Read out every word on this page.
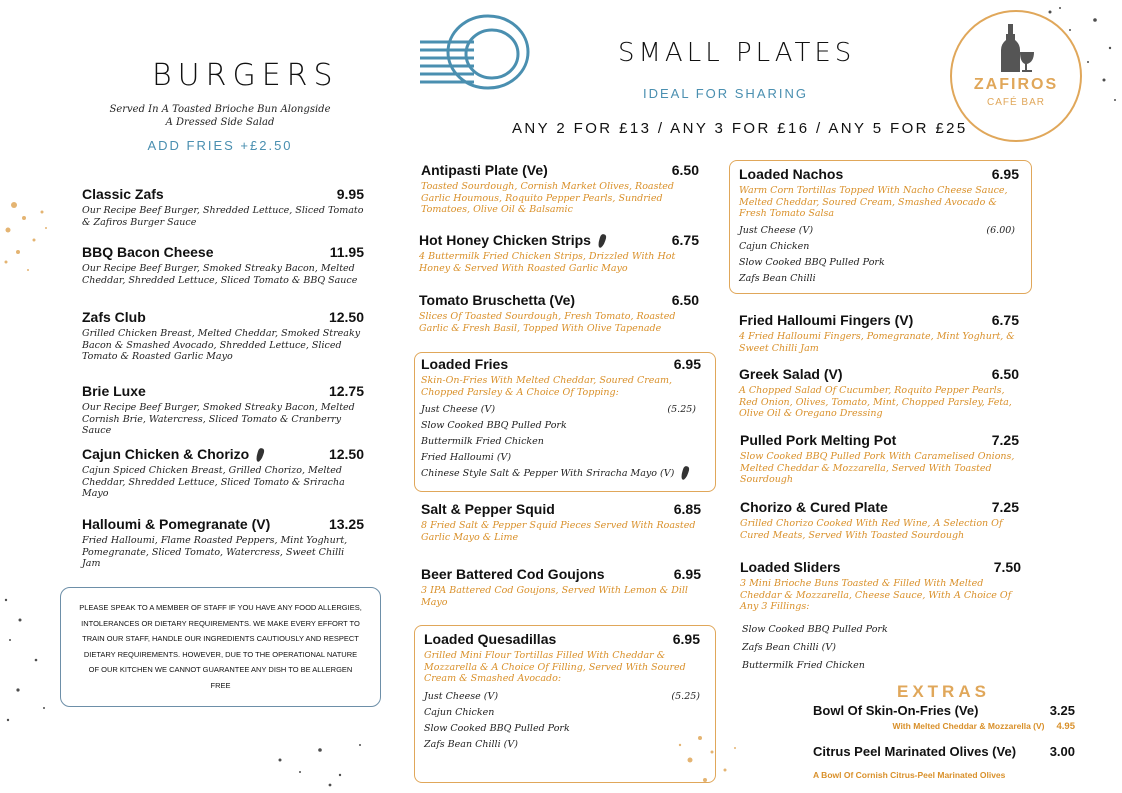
BURGERS
Served In A Toasted Brioche Bun Alongside
A Dressed Side Salad
ADD FRIES +£2.50
Classic Zafs	9.95
Our Recipe Beef Burger, Shredded Lettuce, Sliced Tomato & Zafiros Burger Sauce
BBQ Bacon Cheese	11.95
Our Recipe Beef Burger, Smoked Streaky Bacon, Melted Cheddar, Shredded Lettuce, Sliced Tomato & BBQ Sauce
Zafs Club	12.50
Grilled Chicken Breast, Melted Cheddar, Smoked Streaky Bacon & Smashed Avocado, Shredded Lettuce, Sliced Tomato & Roasted Garlic Mayo
Brie Luxe	12.75
Our Recipe Beef Burger, Smoked Streaky Bacon, Melted Cornish Brie, Watercress, Sliced Tomato & Cranberry Sauce
Cajun Chicken & Chorizo	12.50
Cajun Spiced Chicken Breast, Grilled Chorizo, Melted Cheddar, Shredded Lettuce, Sliced Tomato & Sriracha Mayo
Halloumi & Pomegranate (V)	13.25
Fried Halloumi, Flame Roasted Peppers, Mint Yoghurt, Pomegranate, Sliced Tomato, Watercress, Sweet Chilli Jam
PLEASE SPEAK TO A MEMBER OF STAFF IF YOU HAVE ANY FOOD ALLERGIES, INTOLERANCES OR DIETARY REQUIREMENTS. WE MAKE EVERY EFFORT TO TRAIN OUR STAFF, HANDLE OUR INGREDIENTS CAUTIOUSLY AND RESPECT DIETARY REQUIREMENTS. HOWEVER, DUE TO THE OPERATIONAL NATURE OF OUR KITCHEN WE CANNOT GUARANTEE ANY DISH TO BE ALLERGEN FREE
SMALL PLATES
IDEAL FOR SHARING
ANY 2 FOR £13 / ANY 3 FOR £16 / ANY 5 FOR £25
Antipasti Plate (Ve)	6.50
Toasted Sourdough, Cornish Market Olives, Roasted Garlic Houmous, Roquito Pepper Pearls, Sundried Tomatoes, Olive Oil & Balsamic
Hot Honey Chicken Strips	6.75
4 Buttermilk Fried Chicken Strips, Drizzled With Hot Honey & Served With Roasted Garlic Mayo
Tomato Bruschetta (Ve)	6.50
Slices Of Toasted Sourdough, Fresh Tomato, Roasted Garlic & Fresh Basil, Topped With Olive Tapenade
Loaded Fries	6.95
Skin-On-Fries With Melted Cheddar, Soured Cream, Chopped Parsley & A Choice Of Topping:
Just Cheese (V)	(5.25)
Slow Cooked BBQ Pulled Pork
Buttermilk Fried Chicken
Fried Halloumi (V)
Chinese Style Salt & Pepper With Sriracha Mayo (V)
Salt & Pepper Squid	6.85
8 Fried Salt & Pepper Squid Pieces Served With Roasted Garlic Mayo & Lime
Beer Battered Cod Goujons	6.95
3 IPA Battered Cod Goujons, Served With Lemon & Dill Mayo
Loaded Quesadillas	6.95
Grilled Mini Flour Tortillas Filled With Cheddar & Mozzarella & A Choice Of Filling, Served With Soured Cream & Smashed Avocado:
Just Cheese (V)	(5.25)
Cajun Chicken
Slow Cooked BBQ Pulled Pork
Zafs Bean Chilli (V)
Loaded Nachos	6.95
Warm Corn Tortillas Topped With Nacho Cheese Sauce, Melted Cheddar, Soured Cream, Smashed Avocado & Fresh Tomato Salsa
Just Cheese (V)	(6.00)
Cajun Chicken
Slow Cooked BBQ Pulled Pork
Zafs Bean Chilli
Fried Halloumi Fingers (V)	6.75
4 Fried Halloumi Fingers, Pomegranate, Mint Yoghurt, & Sweet Chilli Jam
Greek Salad (V)	6.50
A Chopped Salad Of Cucumber, Roquito Pepper Pearls, Red Onion, Olives, Tomato, Mint, Chopped Parsley, Feta, Olive Oil & Oregano Dressing
Pulled Pork Melting Pot	7.25
Slow Cooked BBQ Pulled Pork With Caramelised Onions, Melted Cheddar & Mozzarella, Served With Toasted Sourdough
Chorizo & Cured Plate	7.25
Grilled Chorizo Cooked With Red Wine, A Selection Of Cured Meats, Served With Toasted Sourdough
Loaded Sliders	7.50
3 Mini Brioche Buns Toasted & Filled With Melted Cheddar & Mozzarella, Cheese Sauce, With A Choice Of Any 3 Fillings:
Slow Cooked BBQ Pulled Pork
Zafs Bean Chilli (V)
Buttermilk Fried Chicken
EXTRAS
Bowl Of Skin-On-Fries (Ve)	3.25
With Melted Cheddar & Mozzarella (V) 4.95
Citrus Peel Marinated Olives (Ve)	3.00
A Bowl Of Cornish Citrus-Peel Marinated Olives
ZAFIROS
CAFÉ BAR
